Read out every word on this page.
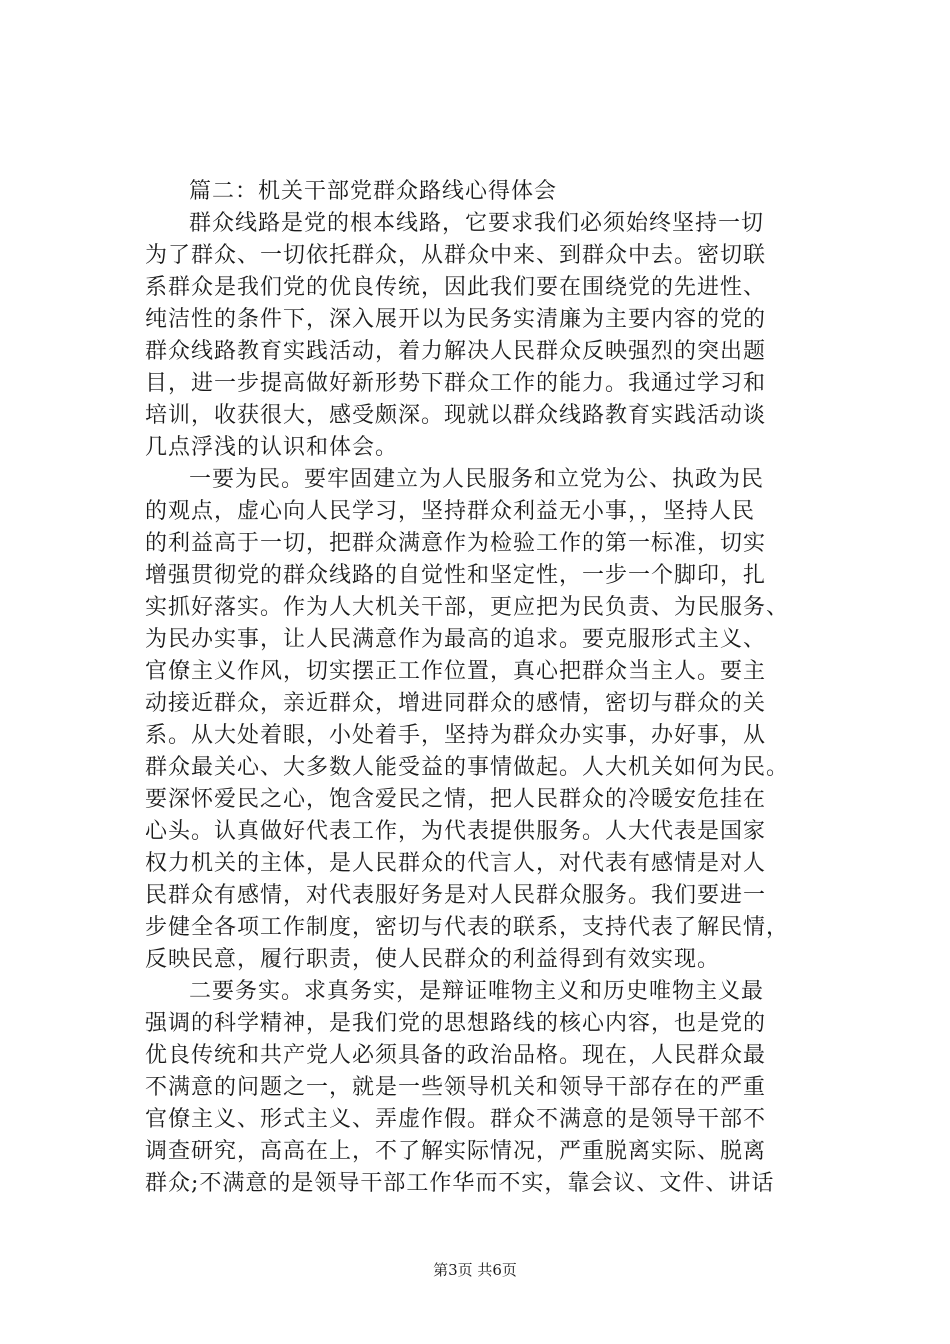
篇二：机关干部党群众路线心得体会
群众线路是党的根本线路，它要求我们必须始终坚持一切
为了群众、一切依托群众，从群众中来、到群众中去。密切联
系群众是我们党的优良传统，因此我们要在围绕党的先进性、
纯洁性的条件下，深入展开以为民务实清廉为主要内容的党的
群众线路教育实践活动，着力解决人民群众反映强烈的突出题
目，进一步提高做好新形势下群众工作的能力。我通过学习和
培训，收获很大，感受颇深。现就以群众线路教育实践活动谈
几点浮浅的认识和体会。
一要为民。要牢固建立为人民服务和立党为公、执政为民
的观点，虚心向人民学习，坚持群众利益无小事，，坚持人民
的利益高于一切，把群众满意作为检验工作的第一标准，切实
增强贯彻党的群众线路的自觉性和坚定性，一步一个脚印，扎
实抓好落实。作为人大机关干部，更应把为民负责、为民服务、
为民办实事，让人民满意作为最高的追求。要克服形式主义、
官僚主义作风，切实摆正工作位置，真心把群众当主人。要主
动接近群众，亲近群众，增进同群众的感情，密切与群众的关
系。从大处着眼，小处着手，坚持为群众办实事，办好事，从
群众最关心、大多数人能受益的事情做起。人大机关如何为民。
要深怀爱民之心，饱含爱民之情，把人民群众的冷暖安危挂在
心头。认真做好代表工作，为代表提供服务。人大代表是国家
权力机关的主体，是人民群众的代言人，对代表有感情是对人
民群众有感情，对代表服好务是对人民群众服务。我们要进一
步健全各项工作制度，密切与代表的联系，支持代表了解民情，
反映民意，履行职责，使人民群众的利益得到有效实现。
二要务实。求真务实，是辩证唯物主义和历史唯物主义最
强调的科学精神，是我们党的思想路线的核心内容，也是党的
优良传统和共产党人必须具备的政治品格。现在，人民群众最
不满意的问题之一，就是一些领导机关和领导干部存在的严重
官僚主义、形式主义、弄虚作假。群众不满意的是领导干部不
调查研究，高高在上，不了解实际情况，严重脱离实际、脱离
群众;不满意的是领导干部工作华而不实，靠会议、文件、讲话
第3页 共6页
